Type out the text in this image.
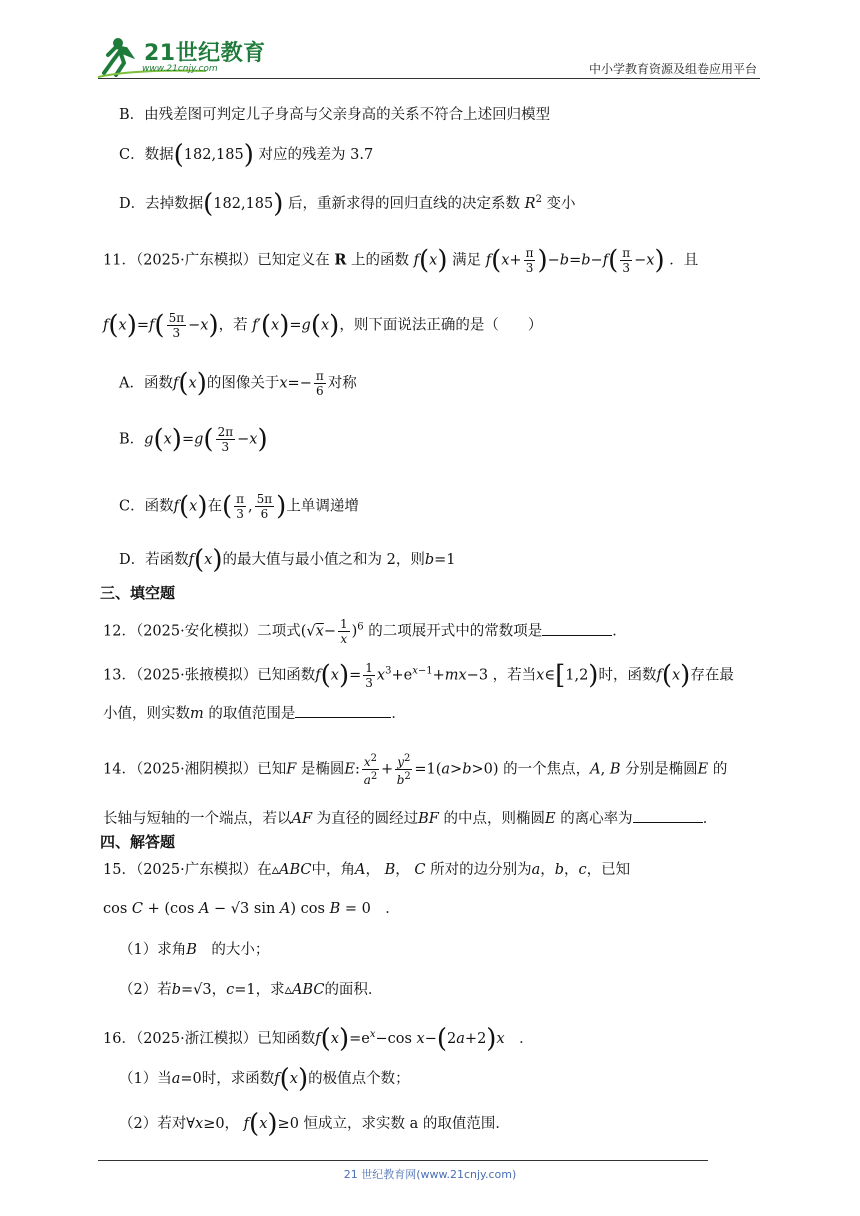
21世纪教育
www.21cnjy.com	中小学教育资源及组卷应用平台
B．由残差图可判定儿子身高与父亲身高的关系不符合上述回归模型
C．数据(182,185) 对应的残差为 3.7
D．去掉数据(182,185) 后，重新求得的回归直线的决定系数 $R^2$ 变小
11．（2025·广东模拟）已知定义在 R 上的函数 f(x) 满足 $f(x+ \frac{\pi}{3} )-b=b-f( \frac{\pi}{3} -x)$ ．且
$f(x)=f( \frac{5\pi}{3} -x)$，若 f′(x)=g(x)，则下面说法正确的是（　　）
A．函数f(x)的图像关于$x=- \frac{\pi}{6}$ 对称
B．$g(x)=g( \frac{2\pi}{3} -x)$
C．函数f(x)在( $\frac{\pi}{3}$ , $\frac{5\pi}{6}$ )上单调递增
D．若函数f(x)的最大值与最小值之和为 2，则b=1
三、填空题
12．（2025·安化模拟）二项式$(√x- \frac{1}{x} )^6$ 的二项展开式中的常数项是	．
13．（2025·张掖模拟）已知函数$f(x)= \frac{1}{3} x^3+e^{x-1}+mx-3$ ，若当x∈[1,2)时，函数f(x)存在最
小值，则实数m 的取值范围是	．
14．（2025·湘阴模拟）已知F 是椭圆E: $\frac{x^2}{a^2} + \frac{y^2}{b^2} =1(a>b>0)$ 的一个焦点，A, B 分别是椭圆E 的
长轴与短轴的一个端点，若以AF 为直径的圆经过BF 的中点，则椭圆E 的离心率为	．
四、解答题
15．（2025·广东模拟）在▵ABC中，角A， B， C 所对的边分别为a，b，c，已知
cos C + (cos A − √3 sin A) cos B = 0　．
（1）求角B　 的大小；
（2）若b=√3，c=1，求▵ABC的面积．
16．（2025·浙江模拟）已知函数$f(x)=e^x-\cos$ x−(2a+2)x　 ．
（1）当a=0时，求函数f(x)的极值点个数；
（2）若对∀x≥0， f(x)≥0 恒成立，求实数 a 的取值范围．
21 世纪教育网(www.21cnjy.com)
